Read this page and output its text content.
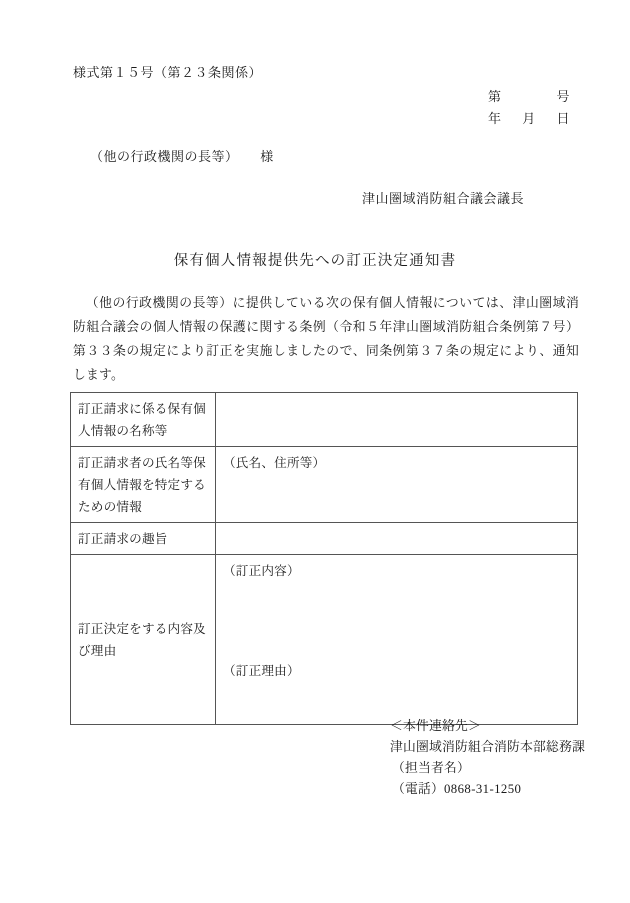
様式第１５号（第２３条関係）
第	号
年 月 日
（他の行政機関の長等） 様
津山圏域消防組合議会議長
保有個人情報提供先への訂正決定通知書
（他の行政機関の長等）に提供している次の保有個人情報については、津山圏域消防組合議会の個人情報の保護に関する条例（令和５年津山圏域消防組合条例第７号）第３３条の規定により訂正を実施しましたので、同条例第３７条の規定により、通知します。
訂正請求に係る保有個人情報の名称等	
訂正請求者の氏名等保有個人情報を特定するための情報	（氏名、住所等）
訂正請求の趣旨	
訂正決定をする内容及び理由	（訂正内容）
（訂正理由）
＜本件連絡先＞
津山圏域消防組合消防本部総務課
（担当者名）
（電話）0868-31-1250
